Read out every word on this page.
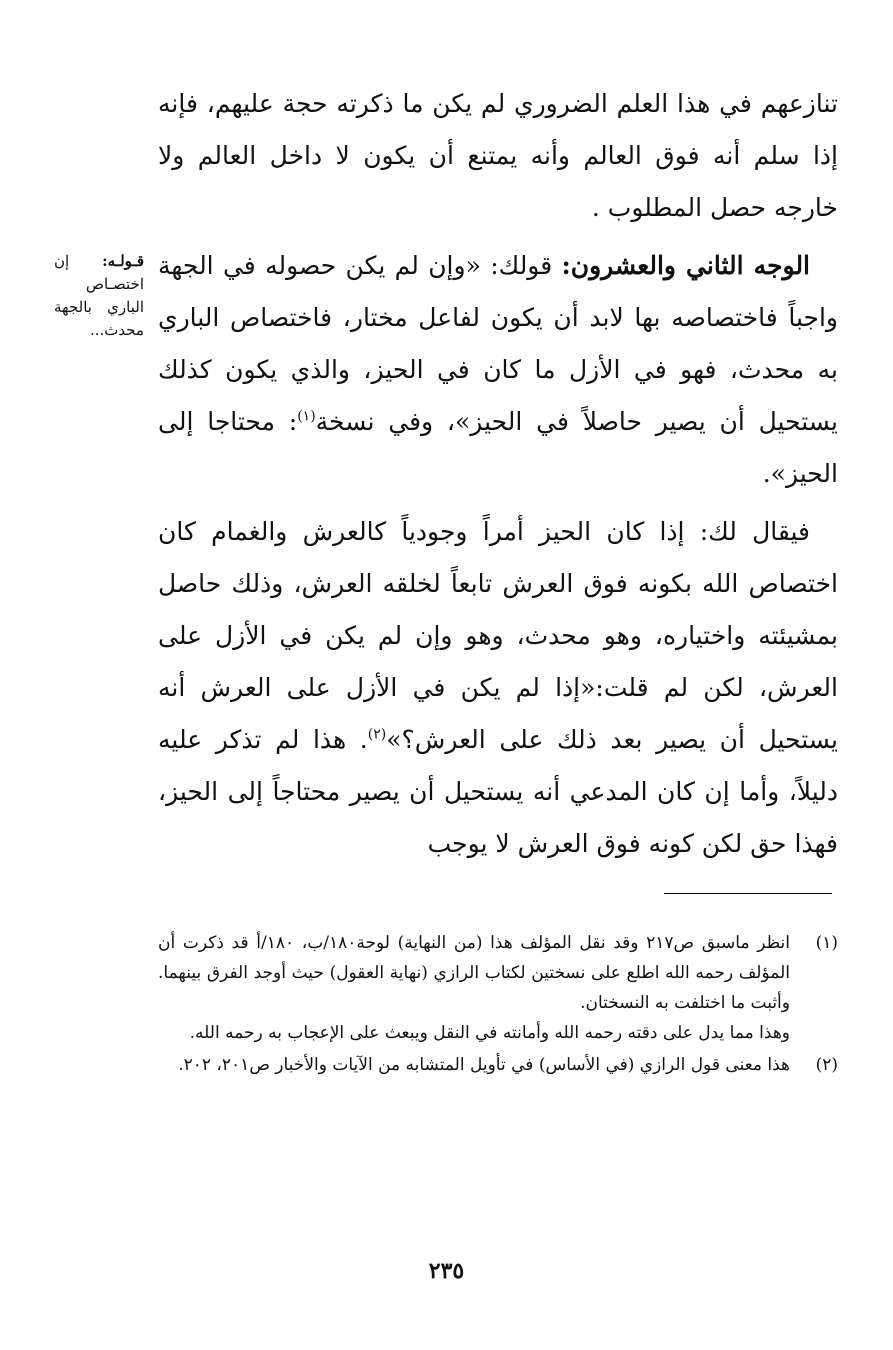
تنازعهم في هذا العلم الضروري لم يكن ما ذكرته حجة عليهم، فإنه إذا سلم أنه فوق العالم وأنه يمتنع أن يكون لا داخل العالم ولا خارجه حصل المطلوب .

الوجه الثاني والعشرون: قولك: «وإن لم يكن حصوله في الجهة واجباً فاختصاصه بها لابد أن يكون لفاعل مختار، فاختصاص الباري به محدث، فهو في الأزل ما كان في الحيز، والذي يكون كذلك يستحيل أن يصير حاصلاً في الحيز»، وفي نسخة$^{(١)}$: محتاجا إلى الحيز».

فيقال لك: إذا كان الحيز أمراً وجودياً كالعرش والغمام كان اختصاص الله بكونه فوق العرش تابعاً لخلقه العرش، وذلك حاصل بمشيئته واختياره، وهو محدث، وهو وإن لم يكن في الأزل على العرش، لكن لم قلت:«إذا لم يكن في الأزل على العرش أنه يستحيل أن يصير بعد ذلك على العرش؟»$^{(٢)}$. هذا لم تذكر عليه دليلاً، وأما إن كان المدعي أنه يستحيل أن يصير محتاجاً إلى الحيز، فهذا حق لكن كونه فوق العرش لا يوجب

قـولـه: إن اختصـاص الباري بالجهة محدث...
(١)

انظر ماسبق ص٢١٧ وقد نقل المؤلف هذا (من النهاية) لوحة١٨٠/ب، ١٨٠/أ قد ذكرت أن المؤلف رحمه الله اطلع على نسختين لكتاب الرازي (نهاية العقول) حيث أوجد الفرق بينهما. وأثبت ما اختلفت به النسختان.

وهذا مما يدل على دقته رحمه الله وأمانته في النقل ويبعث على الإعجاب به رحمه الله.

(٢)

هذا معنى قول الرازي (في الأساس) في تأويل المتشابه من الآيات والأخبار ص٢٠١، ٢٠٢.

٢٣٥
